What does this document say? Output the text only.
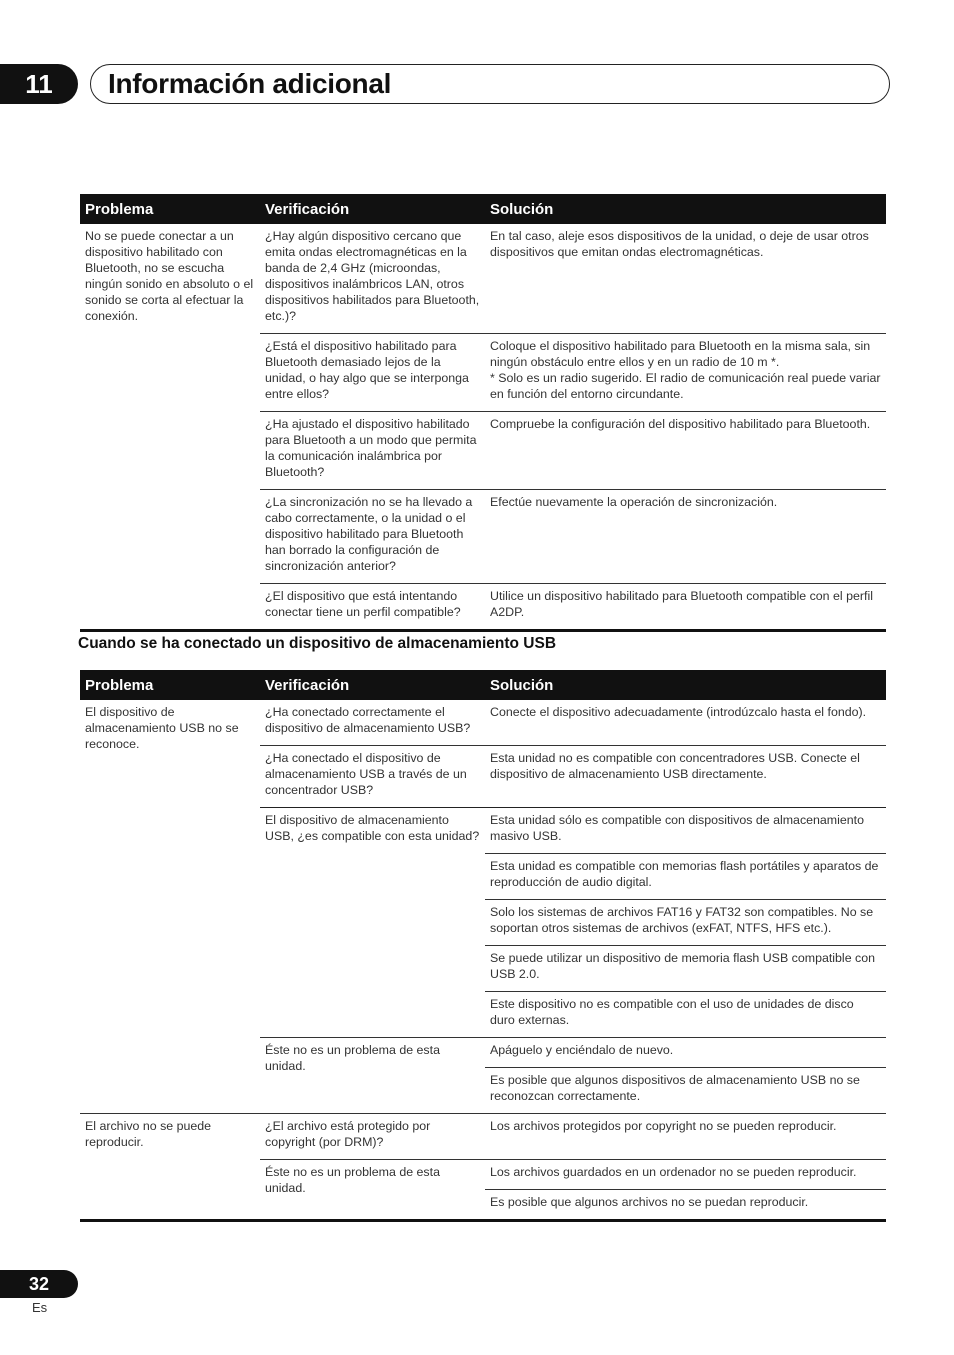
11	Información adicional
Problema	Verificación	Solución
No se puede conectar a un dispositivo habilitado con Bluetooth, no se escucha ningún sonido en absoluto o el sonido se corta al efectuar la conexión.	¿Hay algún dispositivo cercano que emita ondas electromagnéticas en la banda de 2,4 GHz (microondas, dispositivos inalámbricos LAN, otros dispositivos habilitados para Bluetooth, etc.)?	En tal caso, aleje esos dispositivos de la unidad, o deje de usar otros dispositivos que emitan ondas electromagnéticas.
	¿Está el dispositivo habilitado para Bluetooth demasiado lejos de la unidad, o hay algo que se interponga entre ellos?	Coloque el dispositivo habilitado para Bluetooth en la misma sala, sin ningún obstáculo entre ellos y en un radio de 10 m *.
* Solo es un radio sugerido. El radio de comunicación real puede variar en función del entorno circundante.

	¿Ha ajustado el dispositivo habilitado para Bluetooth a un modo que permita la comunicación inalámbrica por Bluetooth?	Compruebe la configuración del dispositivo habilitado para Bluetooth.
	¿La sincronización no se ha llevado a cabo correctamente, o la unidad o el dispositivo habilitado para Bluetooth han borrado la configuración de sincronización anterior?	Efectúe nuevamente la operación de sincronización.
	¿El dispositivo que está intentando conectar tiene un perfil compatible?	Utilice un dispositivo habilitado para Bluetooth compatible con el perfil A2DP.
Cuando se ha conectado un dispositivo de almacenamiento USB
Problema	Verificación	Solución
El dispositivo de almacenamiento USB no se reconoce.	¿Ha conectado correctamente el dispositivo de almacenamiento USB?	Conecte el dispositivo adecuadamente (introdúzcalo hasta el fondo).
	¿Ha conectado el dispositivo de almacenamiento USB a través de un concentrador USB?	Esta unidad no es compatible con concentradores USB. Conecte el dispositivo de almacenamiento USB directamente.
	El dispositivo de almacenamiento USB, ¿es compatible con esta unidad?	Esta unidad sólo es compatible con dispositivos de almacenamiento masivo USB.
		Esta unidad es compatible con memorias flash portátiles y aparatos de reproducción de audio digital.
		Solo los sistemas de archivos FAT16 y FAT32 son compatibles. No se soportan otros sistemas de archivos (exFAT, NTFS, HFS etc.).
		Se puede utilizar un dispositivo de memoria flash USB compatible con USB 2.0.
		Este dispositivo no es compatible con el uso de unidades de disco duro externas.
	Éste no es un problema de esta unidad.	Apáguelo y enciéndalo de nuevo.
		Es posible que algunos dispositivos de almacenamiento USB no se reconozcan correctamente.
El archivo no se puede reproducir.	¿El archivo está protegido por copyright (por DRM)?	Los archivos protegidos por copyright no se pueden reproducir.
	Éste no es un problema de esta unidad.	Los archivos guardados en un ordenador no se pueden reproducir.
		Es posible que algunos archivos no se puedan reproducir.
32
Es
